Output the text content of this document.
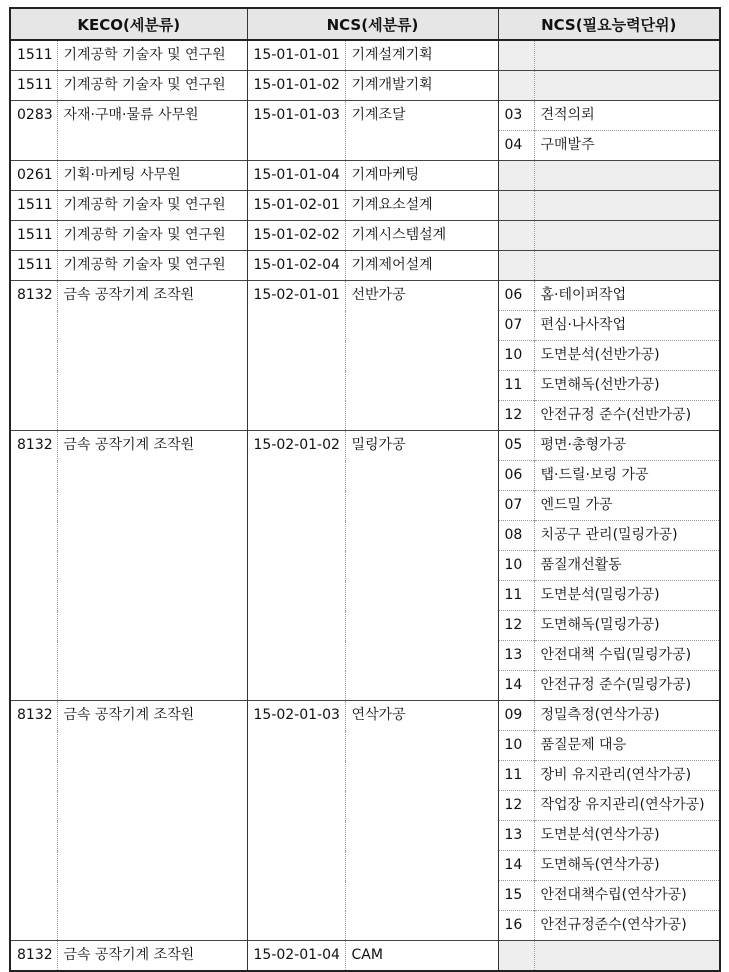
KECO(세분류)		NCS(세분류)		NCS(필요능력단위)	
1511	기계공학 기술자 및 연구원	15-01-01-01	기계설계기획		
1511	기계공학 기술자 및 연구원	15-01-01-02	기계개발기획		
0283	자재·구매·물류 사무원	15-01-01-03	기계조달	03	견적의뢰
				04	구매발주
0261	기획·마케팅 사무원	15-01-01-04	기계마케팅		
1511	기계공학 기술자 및 연구원	15-01-02-01	기계요소설계		
1511	기계공학 기술자 및 연구원	15-01-02-02	기계시스템설계		
1511	기계공학 기술자 및 연구원	15-01-02-04	기계제어설계		
8132	금속 공작기계 조작원	15-02-01-01	선반가공	06	홈·테이퍼작업
				07	편심·나사작업
				10	도면분석(선반가공)
				11	도면해독(선반가공)
				12	안전규정 준수(선반가공)
8132	금속 공작기계 조작원	15-02-01-02	밀링가공	05	평면·총형가공
				06	탭·드릴·보링 가공
				07	엔드밀 가공
				08	치공구 관리(밀링가공)
				10	품질개선활동
				11	도면분석(밀링가공)
				12	도면해독(밀링가공)
				13	안전대책 수립(밀링가공)
				14	안전규정 준수(밀링가공)
8132	금속 공작기계 조작원	15-02-01-03	연삭가공	09	정밀측정(연삭가공)
				10	품질문제 대응
				11	장비 유지관리(연삭가공)
				12	작업장 유지관리(연삭가공)
				13	도면분석(연삭가공)
				14	도면해독(연삭가공)
				15	안전대책수립(연삭가공)
				16	안전규정준수(연삭가공)
8132	금속 공작기계 조작원	15-02-01-04	CAM		
